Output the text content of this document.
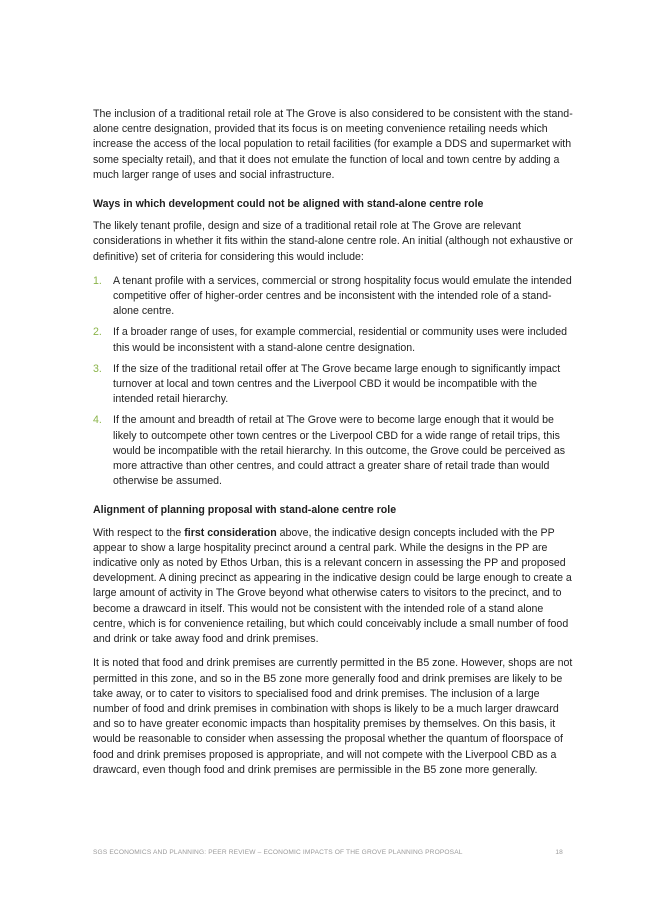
The inclusion of a traditional retail role at The Grove is also considered to be consistent with the stand-alone centre designation, provided that its focus is on meeting convenience retailing needs which increase the access of the local population to retail facilities (for example a DDS and supermarket with some specialty retail), and that it does not emulate the function of local and town centre by adding a much larger range of uses and social infrastructure.

Ways in which development could not be aligned with stand-alone centre role

The likely tenant profile, design and size of a traditional retail role at The Grove are relevant considerations in whether it fits within the stand-alone centre role. An initial (although not exhaustive or definitive) set of criteria for considering this would include:

1.	A tenant profile with a services, commercial or strong hospitality focus would emulate the intended competitive offer of higher-order centres and be inconsistent with the intended role of a stand-alone centre.
2.	If a broader range of uses, for example commercial, residential or community uses were included this would be inconsistent with a stand-alone centre designation.
3.	If the size of the traditional retail offer at The Grove became large enough to significantly impact turnover at local and town centres and the Liverpool CBD it would be incompatible with the intended retail hierarchy.
4.	If the amount and breadth of retail at The Grove were to become large enough that it would be likely to outcompete other town centres or the Liverpool CBD for a wide range of retail trips, this would be incompatible with the retail hierarchy. In this outcome, the Grove could be perceived as more attractive than other centres, and could attract a greater share of retail trade than would otherwise be assumed.
Alignment of planning proposal with stand-alone centre role

With respect to the first consideration above, the indicative design concepts included with the PP appear to show a large hospitality precinct around a central park. While the designs in the PP are indicative only as noted by Ethos Urban, this is a relevant concern in assessing the PP and proposed development. A dining precinct as appearing in the indicative design could be large enough to create a large amount of activity in The Grove beyond what otherwise caters to visitors to the precinct, and to become a drawcard in itself. This would not be consistent with the intended role of a stand alone centre, which is for convenience retailing, but which could conceivably include a small number of food and drink or take away food and drink premises.

It is noted that food and drink premises are currently permitted in the B5 zone. However, shops are not permitted in this zone, and so in the B5 zone more generally food and drink premises are likely to be take away, or to cater to visitors to specialised food and drink premises. The inclusion of a large number of food and drink premises in combination with shops is likely to be a much larger drawcard and so to have greater economic impacts than hospitality premises by themselves. On this basis, it would be reasonable to consider when assessing the proposal whether the quantum of floorspace of food and drink premises proposed is appropriate, and will not compete with the Liverpool CBD as a drawcard, even though food and drink premises are permissible in the B5 zone more generally.

SGS ECONOMICS AND PLANNING: PEER REVIEW – ECONOMIC IMPACTS OF THE GROVE PLANNING PROPOSAL	18
